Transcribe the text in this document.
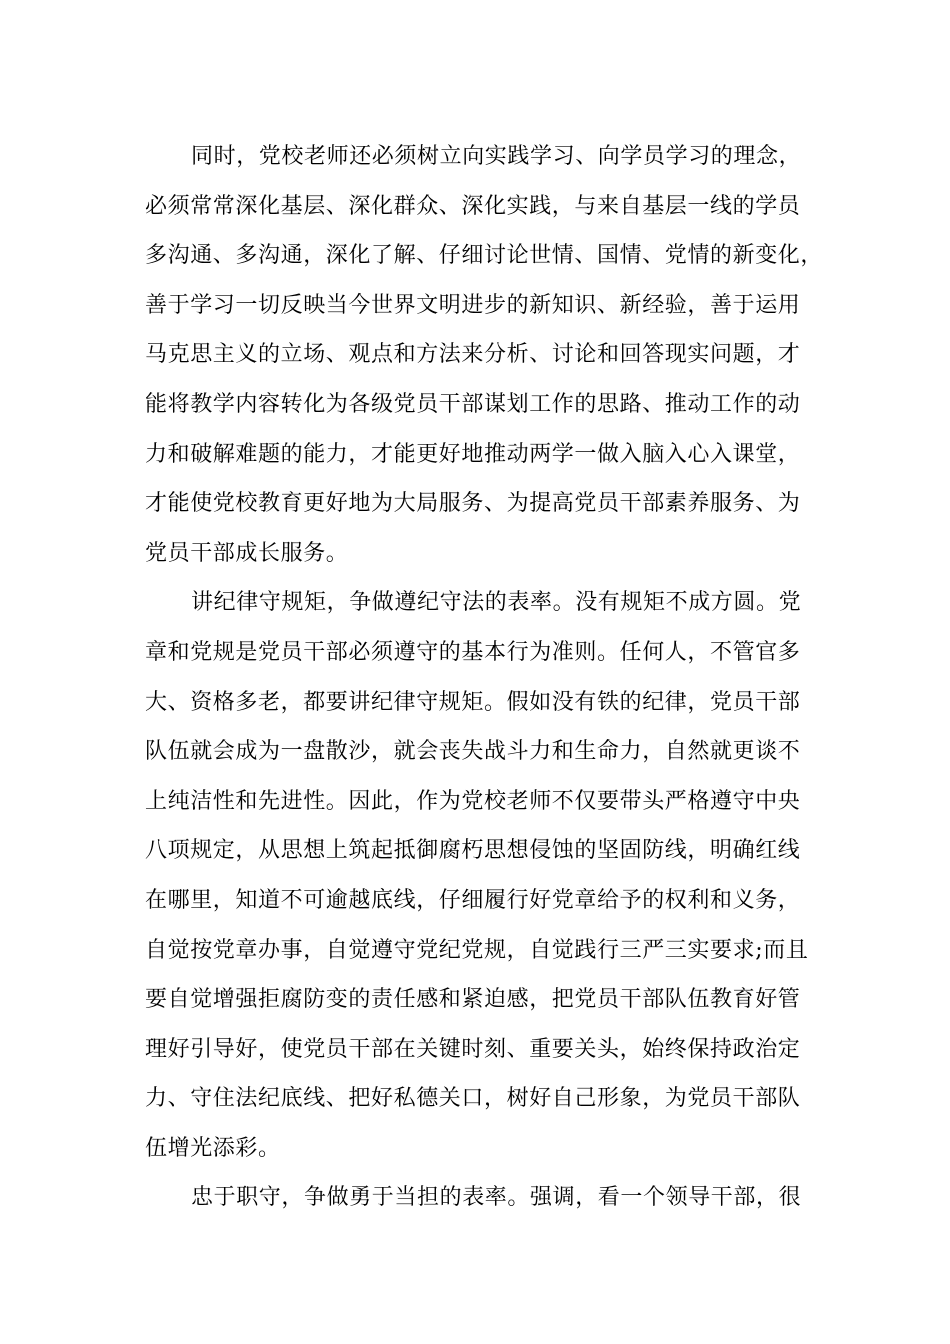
同时，党校老师还必须树立向实践学习、向学员学习的理念，
必须常常深化基层、深化群众、深化实践，与来自基层一线的学员
多沟通、多沟通，深化了解、仔细讨论世情、国情、党情的新变化，
善于学习一切反映当今世界文明进步的新知识、新经验，善于运用
马克思主义的立场、观点和方法来分析、讨论和回答现实问题，才
能将教学内容转化为各级党员干部谋划工作的思路、推动工作的动
力和破解难题的能力，才能更好地推动两学一做入脑入心入课堂，
才能使党校教育更好地为大局服务、为提高党员干部素养服务、为
党员干部成长服务。
讲纪律守规矩，争做遵纪守法的表率。没有规矩不成方圆。党
章和党规是党员干部必须遵守的基本行为准则。任何人，不管官多
大、资格多老，都要讲纪律守规矩。假如没有铁的纪律，党员干部
队伍就会成为一盘散沙，就会丧失战斗力和生命力，自然就更谈不
上纯洁性和先进性。因此，作为党校老师不仅要带头严格遵守中央
八项规定，从思想上筑起抵御腐朽思想侵蚀的坚固防线，明确红线
在哪里，知道不可逾越底线，仔细履行好党章给予的权利和义务，
自觉按党章办事，自觉遵守党纪党规，自觉践行三严三实要求;而且
要自觉增强拒腐防变的责任感和紧迫感，把党员干部队伍教育好管
理好引导好，使党员干部在关键时刻、重要关头，始终保持政治定
力、守住法纪底线、把好私德关口，树好自己形象，为党员干部队
伍增光添彩。
忠于职守，争做勇于当担的表率。强调，看一个领导干部，很
